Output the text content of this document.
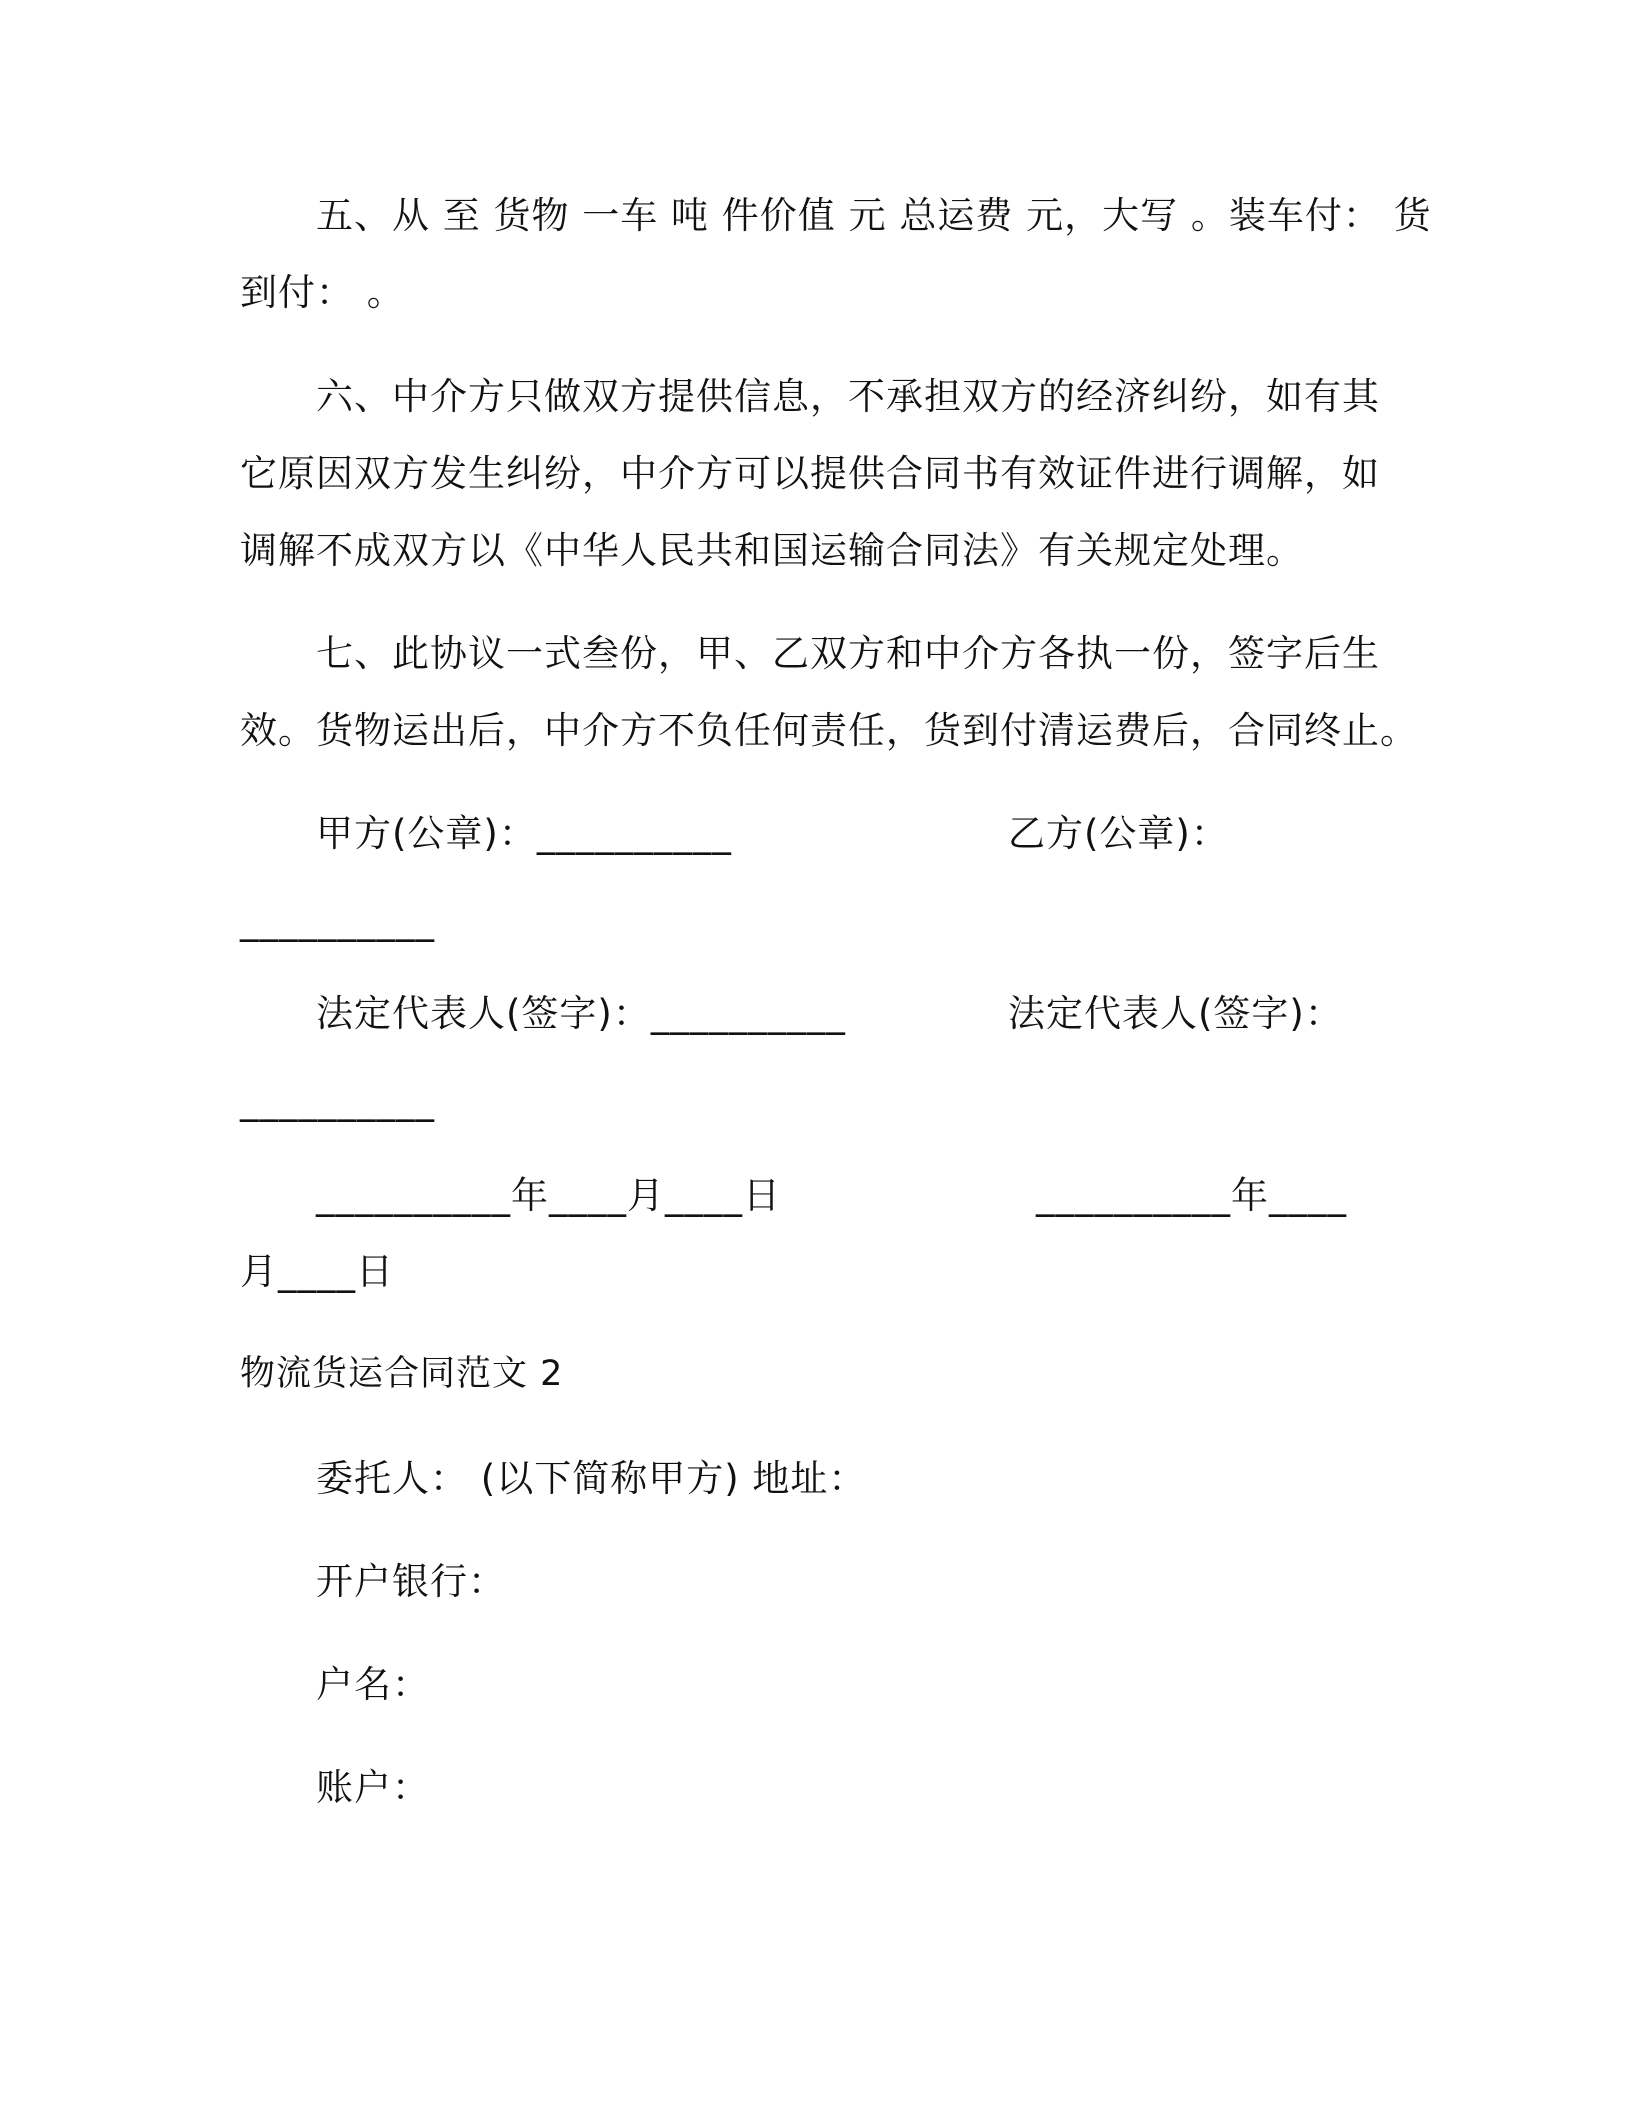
五、从 至 货物 一车 吨 件价值 元 总运费 元，大写 。装车付： 货
到付： 。
六、中介方只做双方提供信息，不承担双方的经济纠纷，如有其
它原因双方发生纠纷，中介方可以提供合同书有效证件进行调解，如
调解不成双方以《中华人民共和国运输合同法》有关规定处理。
七、此协议一式叁份，甲、乙双方和中介方各执一份，签字后生
效。货物运出后，中介方不负任何责任，货到付清运费后，合同终止。
甲方(公章)：__________	乙方(公章)：
__________
法定代表人(签字)：__________	法定代表人(签字)：
__________
__________年____月____日	__________年____
月____日
物流货运合同范文 2
委托人： (以下简称甲方) 地址：
开户银行：
户名：
账户：
